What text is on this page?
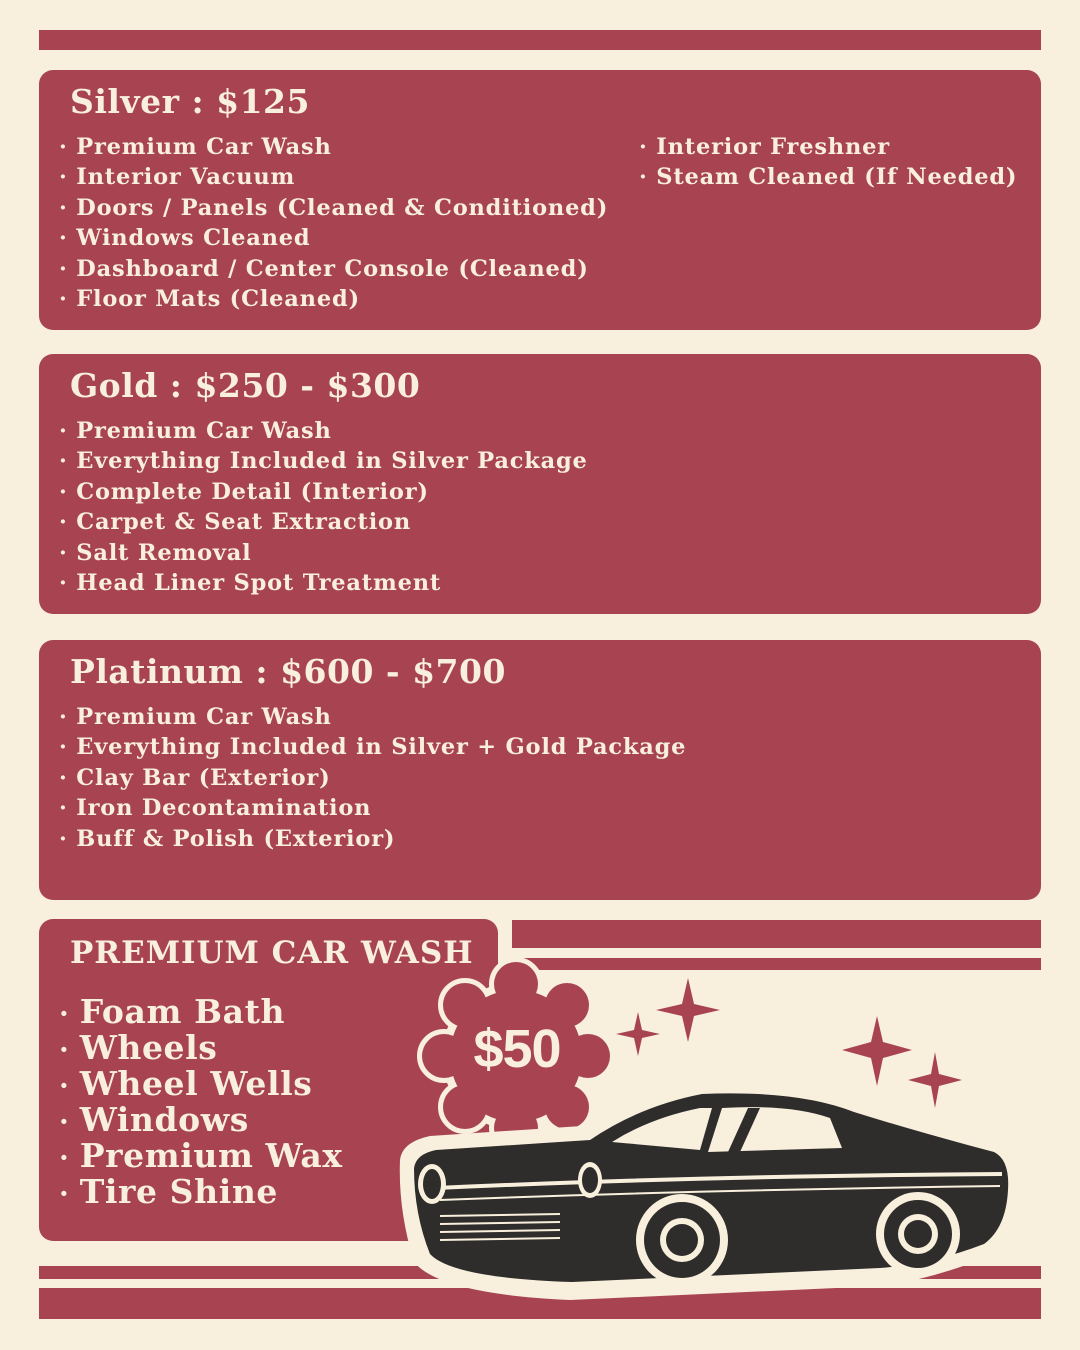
Silver : $125
· Premium Car Wash
· Interior Vacuum
· Doors / Panels (Cleaned & Conditioned)
· Windows Cleaned
· Dashboard / Center Console (Cleaned)
· Floor Mats (Cleaned)
· Interior Freshner
· Steam Cleaned (If Needed)
Gold : $250 - $300
· Premium Car Wash
· Everything Included in Silver Package
· Complete Detail (Interior)
· Carpet & Seat Extraction
· Salt Removal
· Head Liner Spot Treatment
Platinum : $600 - $700
· Premium Car Wash
· Everything Included in Silver + Gold Package
· Clay Bar (Exterior)
· Iron Decontamination
· Buff & Polish (Exterior)
PREMIUM CAR WASH
· Foam Bath
· Wheels
· Wheel Wells
· Windows
· Premium Wax
· Tire Shine
$50
